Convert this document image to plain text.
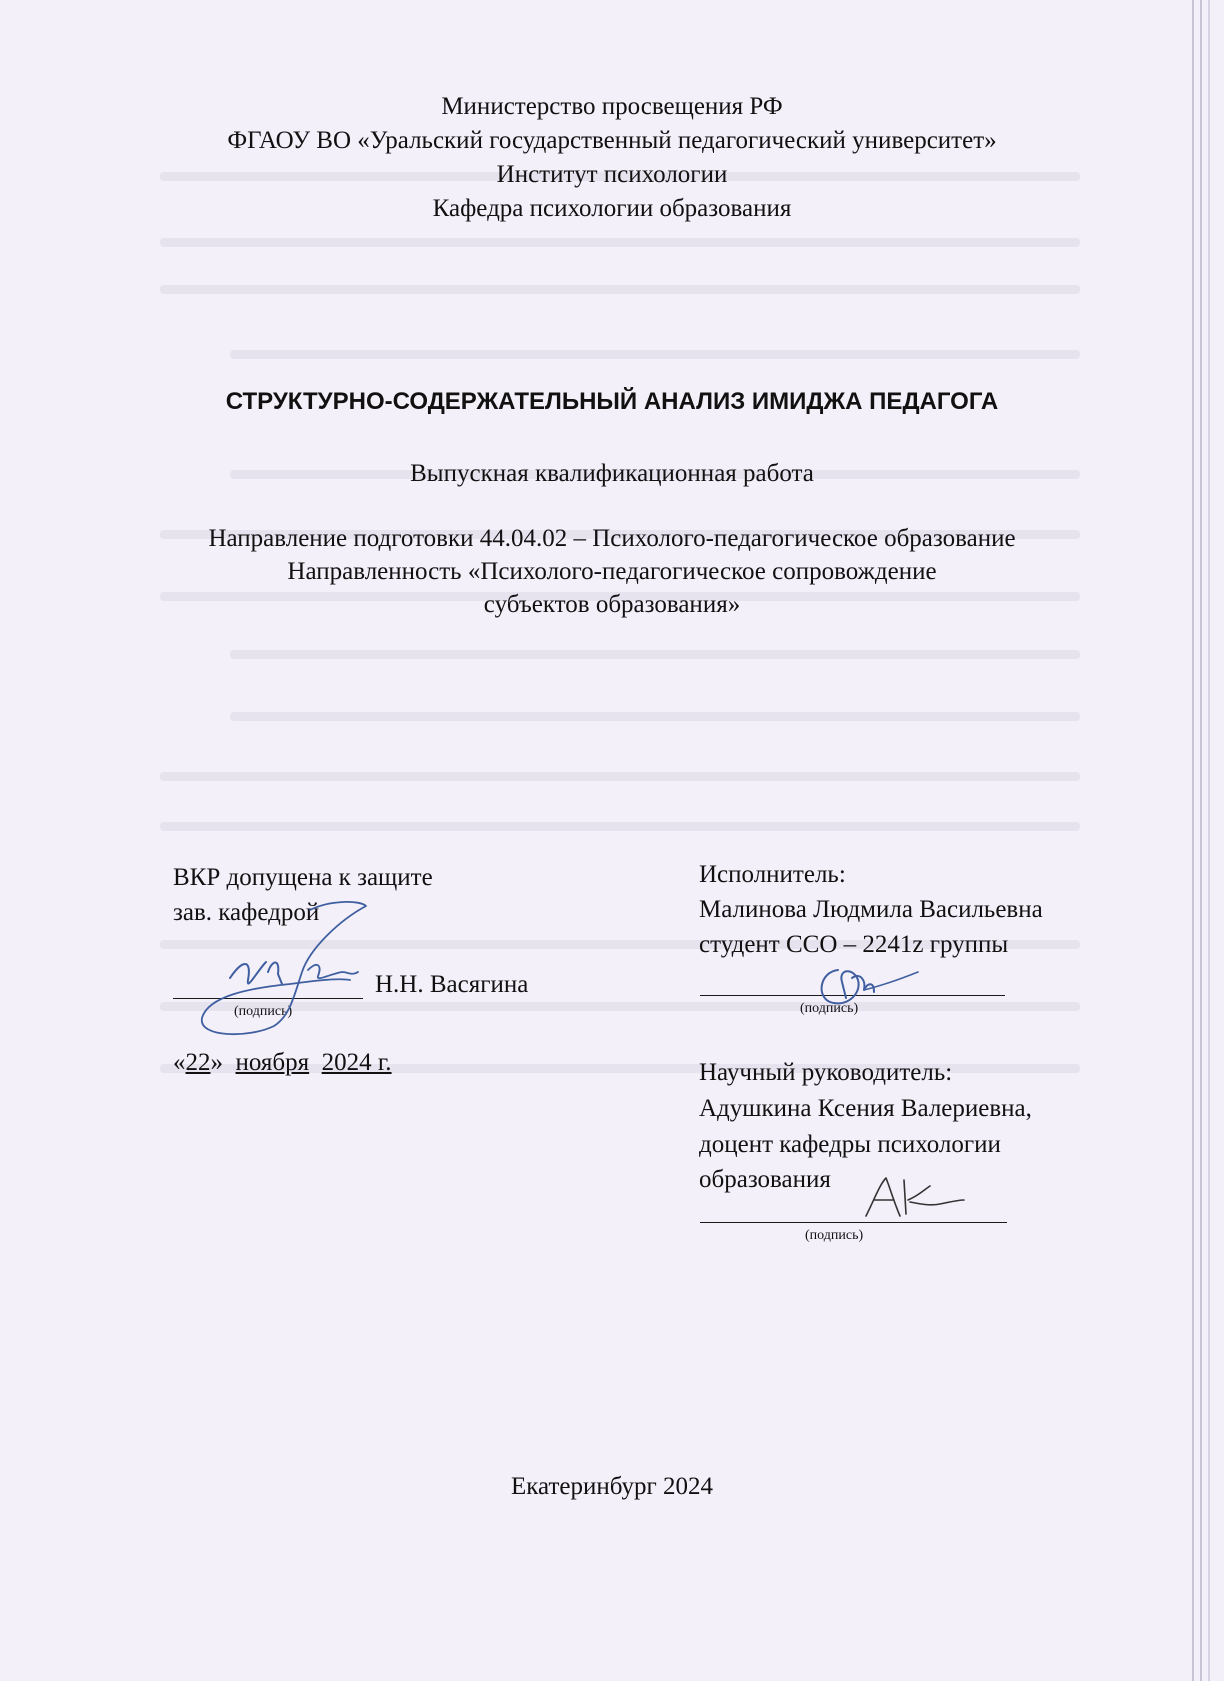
Министерство просвещения РФ
ФГАОУ ВО «Уральский государственный педагогический университет»
Институт психологии
Кафедра психологии образования
СТРУКТУРНО-СОДЕРЖАТЕЛЬНЫЙ АНАЛИЗ ИМИДЖА ПЕДАГОГА
Выпускная квалификационная работа
Направление подготовки 44.04.02 – Психолого-педагогическое образование
Направленность «Психолого-педагогическое сопровождение
субъектов образования»
ВКР допущена к защите
зав. кафедрой
Н.Н. Васягина
(подпись)
«22» ноября 2024 г.
Исполнитель:
Малинова Людмила Васильевна
студент ССО – 2241z группы
(подпись)
Научный руководитель:
Адушкина Ксения Валериевна,
доцент кафедры психологии
образования
(подпись)
Екатеринбург 2024
